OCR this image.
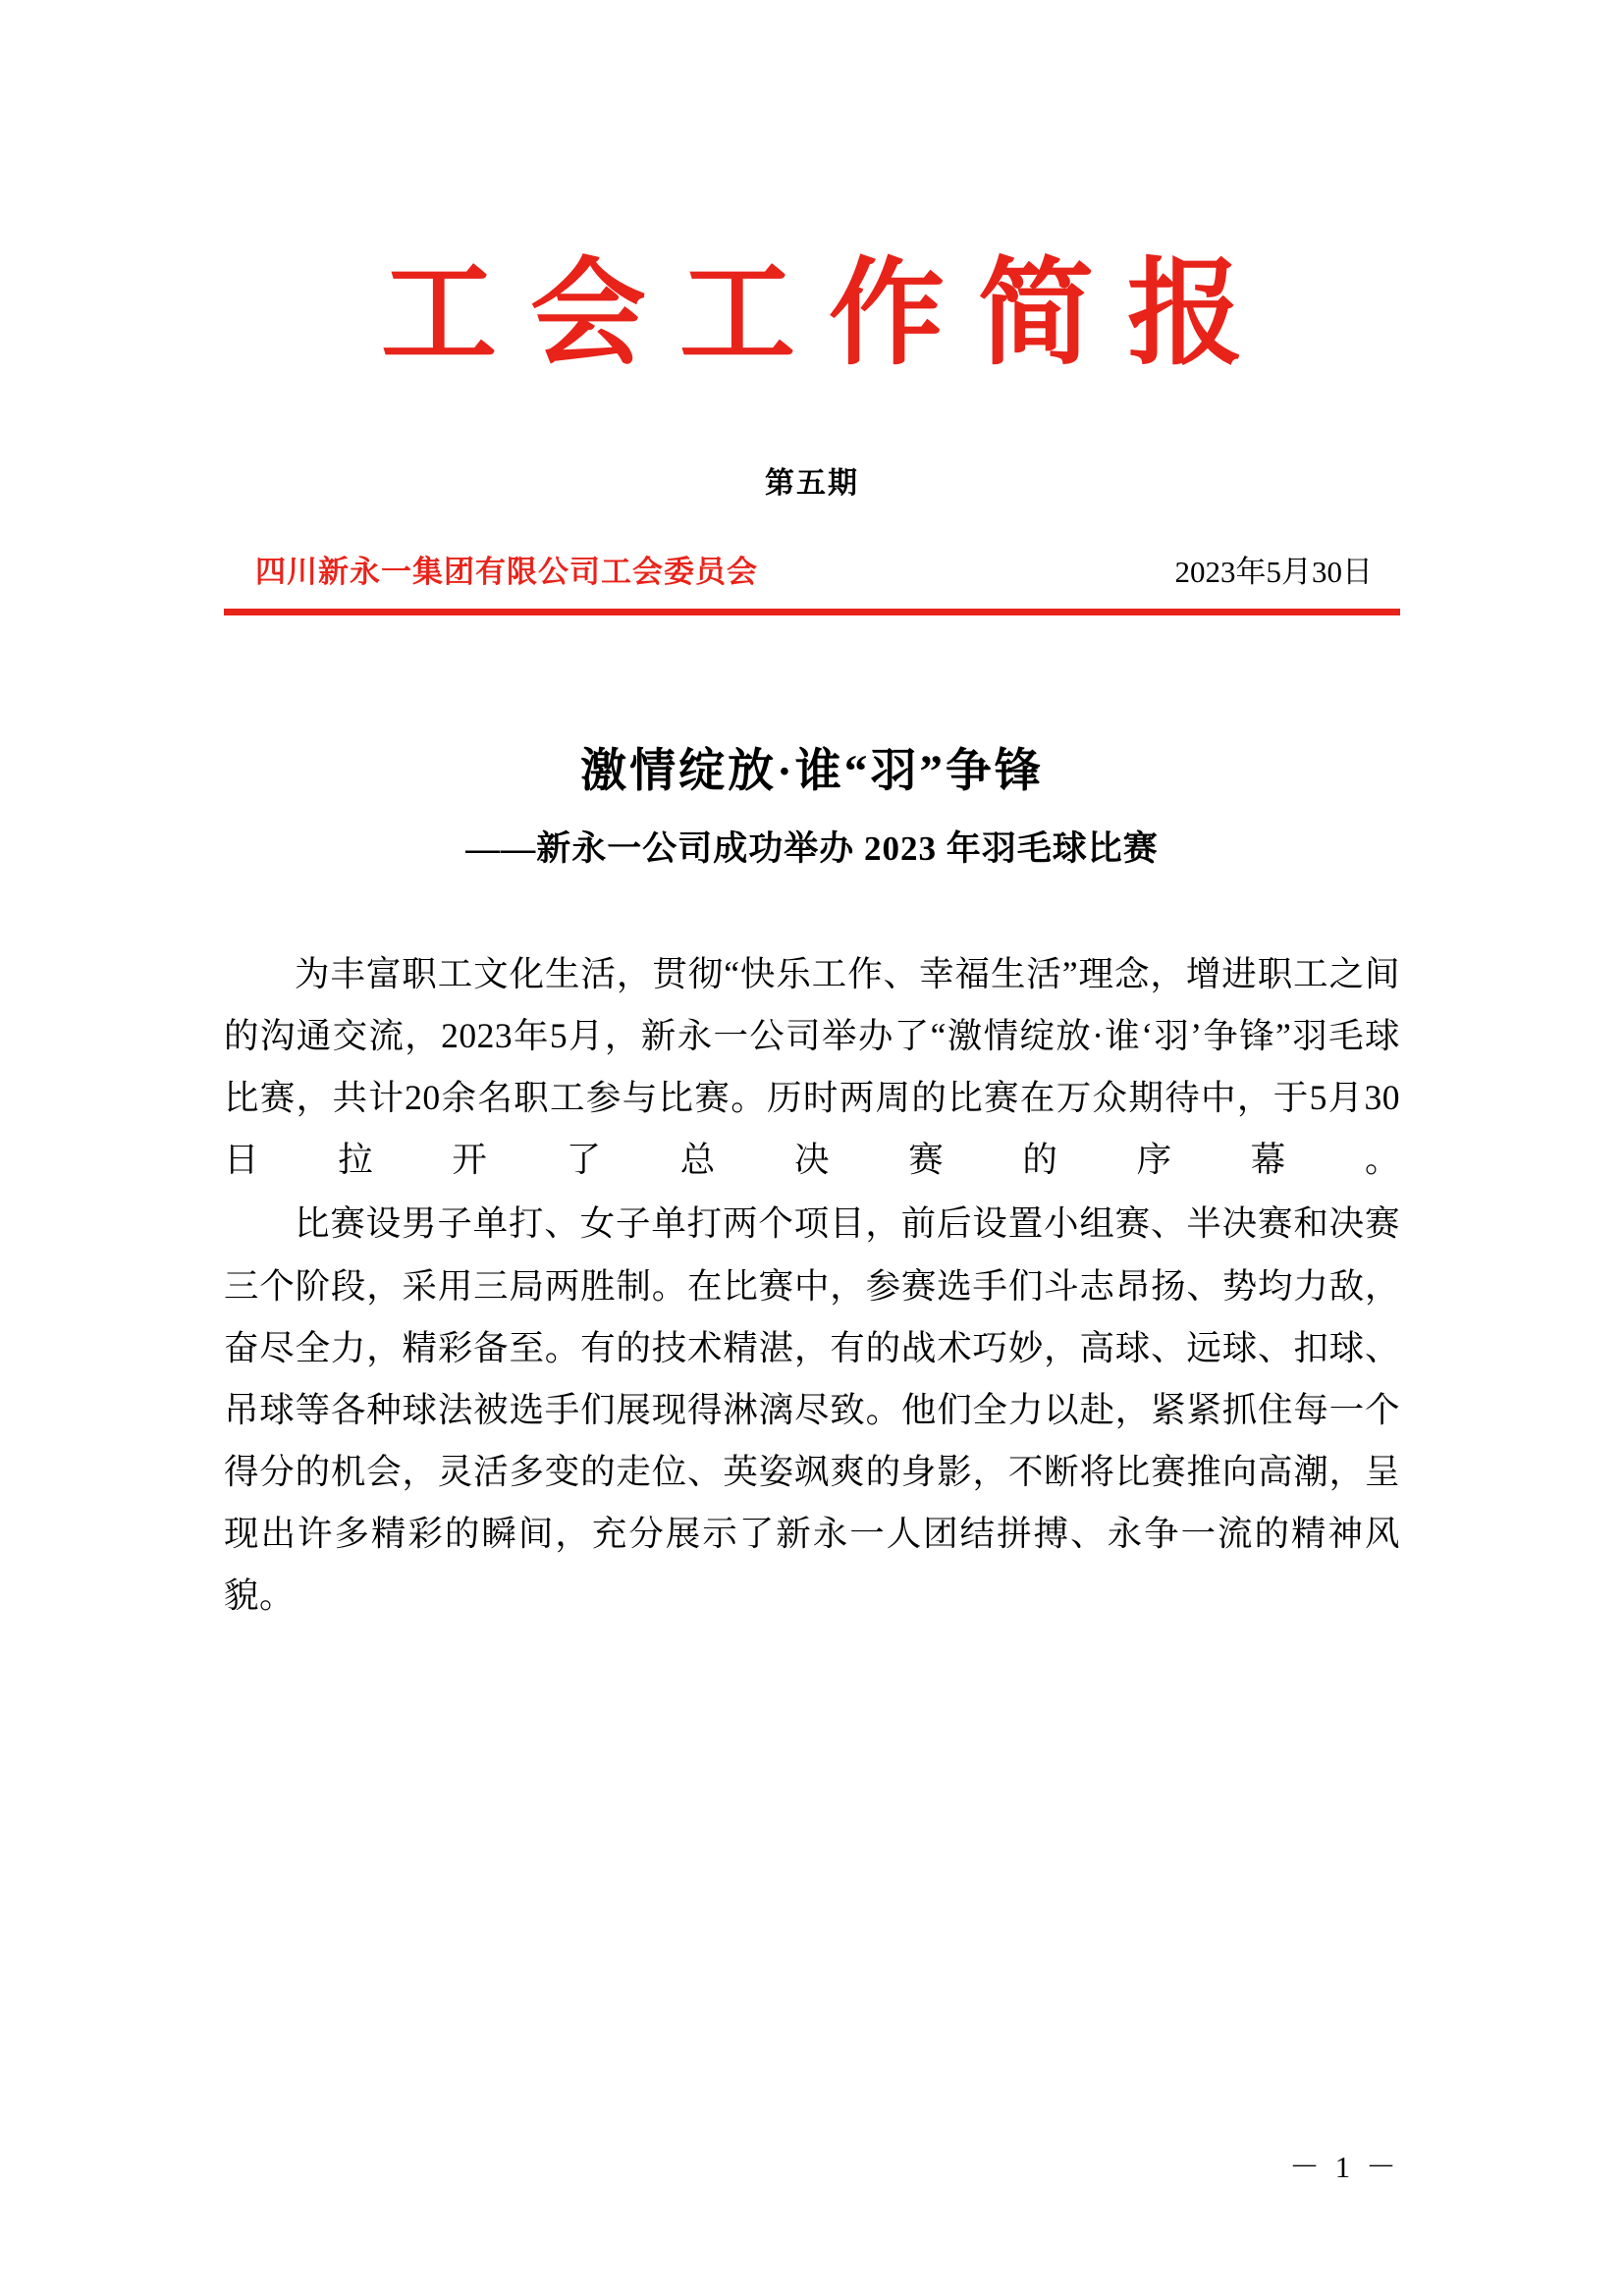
工会工作简报
第五期
四川新永一集团有限公司工会委员会	2023年5月30日
激情绽放·谁“羽”争锋
——新永一公司成功举办 2023 年羽毛球比赛

为丰富职工文化生活，贯彻“快乐工作、幸福生活”理念，增进职工之间的沟通交流，2023年5月，新永一公司举办了“激情绽放·谁‘羽’争锋”羽毛球比赛，共计20余名职工参与比赛。历时两周的比赛在万众期待中，于5月30日拉开了总决赛的序幕。

比赛设男子单打、女子单打两个项目，前后设置小组赛、半决赛和决赛三个阶段，采用三局两胜制。在比赛中，参赛选手们斗志昂扬、势均力敌，奋尽全力，精彩备至。有的技术精湛，有的战术巧妙，高球、远球、扣球、吊球等各种球法被选手们展现得淋漓尽致。他们全力以赴，紧紧抓住每一个得分的机会，灵活多变的走位、英姿飒爽的身影，不断将比赛推向高潮，呈现出许多精彩的瞬间，充分展示了新永一人团结拼搏、永争一流的精神风貌。

－ 1 －
